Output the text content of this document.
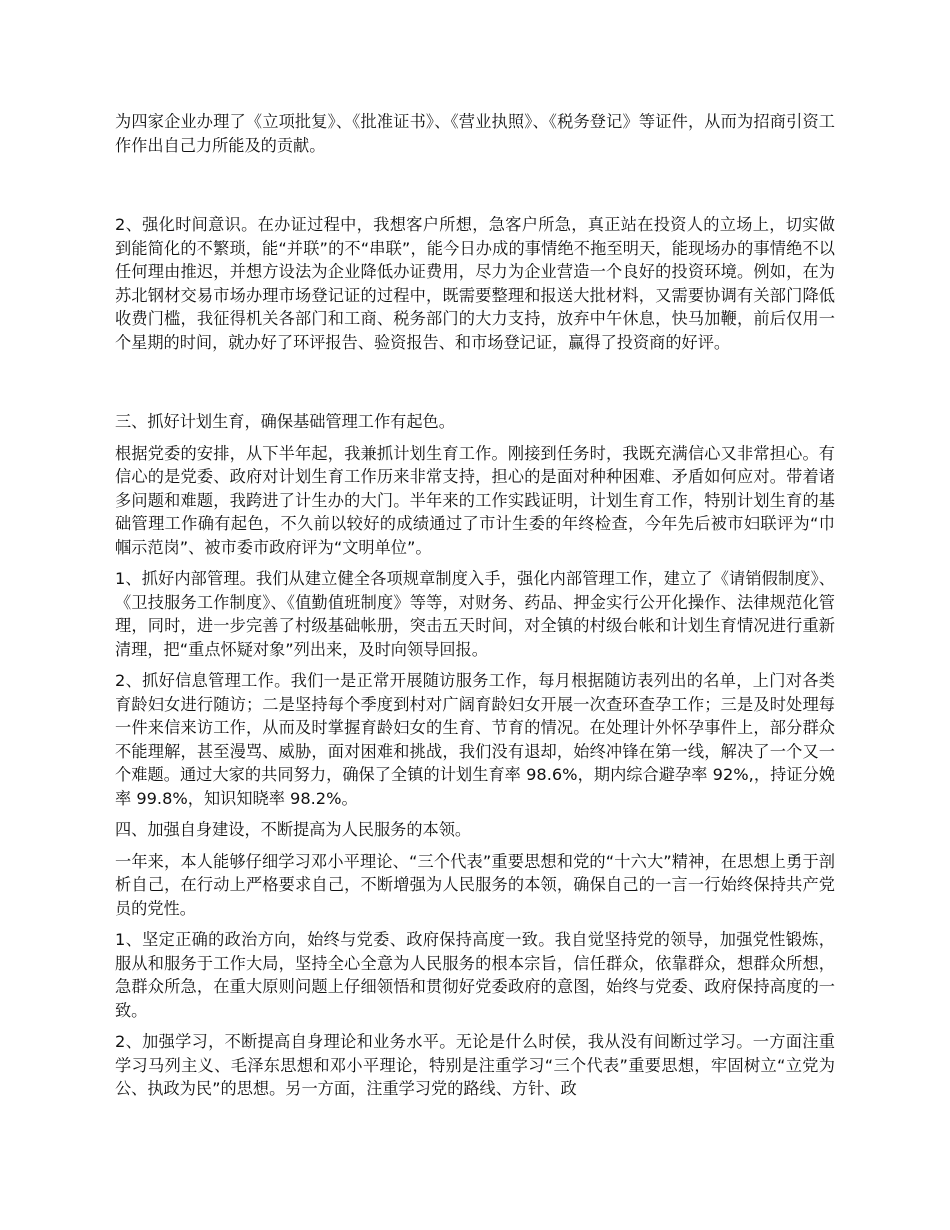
为四家企业办理了《立项批复》、《批准证书》、《营业执照》、《税务登记》等证件，从而为招商引资工作作出自己力所能及的贡献。

2、强化时间意识。在办证过程中，我想客户所想，急客户所急，真正站在投资人的立场上，切实做到能简化的不繁琐，能“并联”的不“串联”，能今日办成的事情绝不拖至明天，能现场办的事情绝不以任何理由推迟，并想方设法为企业降低办证费用，尽力为企业营造一个良好的投资环境。例如，在为苏北钢材交易市场办理市场登记证的过程中，既需要整理和报送大批材料，又需要协调有关部门降低收费门槛，我征得机关各部门和工商、税务部门的大力支持，放弃中午休息，快马加鞭，前后仅用一个星期的时间，就办好了环评报告、验资报告、和市场登记证，赢得了投资商的好评。

三、抓好计划生育，确保基础管理工作有起色。

根据党委的安排，从下半年起，我兼抓计划生育工作。刚接到任务时，我既充满信心又非常担心。有信心的是党委、政府对计划生育工作历来非常支持，担心的是面对种种困难、矛盾如何应对。带着诸多问题和难题，我跨进了计生办的大门。半年来的工作实践证明，计划生育工作，特别计划生育的基础管理工作确有起色，不久前以较好的成绩通过了市计生委的年终检查，今年先后被市妇联评为“巾帼示范岗”、被市委市政府评为“文明单位”。

1、抓好内部管理。我们从建立健全各项规章制度入手，强化内部管理工作，建立了《请销假制度》、《卫技服务工作制度》、《值勤值班制度》等等，对财务、药品、押金实行公开化操作、法律规范化管理，同时，进一步完善了村级基础帐册，突击五天时间，对全镇的村级台帐和计划生育情况进行重新清理，把“重点怀疑对象”列出来，及时向领导回报。

2、抓好信息管理工作。我们一是正常开展随访服务工作，每月根据随访表列出的名单，上门对各类育龄妇女进行随访；二是坚持每个季度到村对广阔育龄妇女开展一次查环查孕工作；三是及时处理每一件来信来访工作，从而及时掌握育龄妇女的生育、节育的情况。在处理计外怀孕事件上，部分群众不能理解，甚至漫骂、威胁，面对困难和挑战，我们没有退却，始终冲锋在第一线，解决了一个又一个难题。通过大家的共同努力，确保了全镇的计划生育率 98.6%，期内综合避孕率 92%,，持证分娩率 99.8%，知识知晓率 98.2%。

四、加强自身建设，不断提高为人民服务的本领。

一年来，本人能够仔细学习邓小平理论、“三个代表”重要思想和党的“十六大”精神，在思想上勇于剖析自己，在行动上严格要求自己，不断增强为人民服务的本领，确保自己的一言一行始终保持共产党员的党性。

1、坚定正确的政治方向，始终与党委、政府保持高度一致。我自觉坚持党的领导，加强党性锻炼，服从和服务于工作大局，坚持全心全意为人民服务的根本宗旨，信任群众，依靠群众，想群众所想，急群众所急，在重大原则问题上仔细领悟和贯彻好党委政府的意图，始终与党委、政府保持高度的一致。

2、加强学习，不断提高自身理论和业务水平。无论是什么时侯，我从没有间断过学习。一方面注重学习马列主义、毛泽东思想和邓小平理论，特别是注重学习“三个代表”重要思想，牢固树立“立党为公、执政为民”的思想。另一方面，注重学习党的路线、方针、政
